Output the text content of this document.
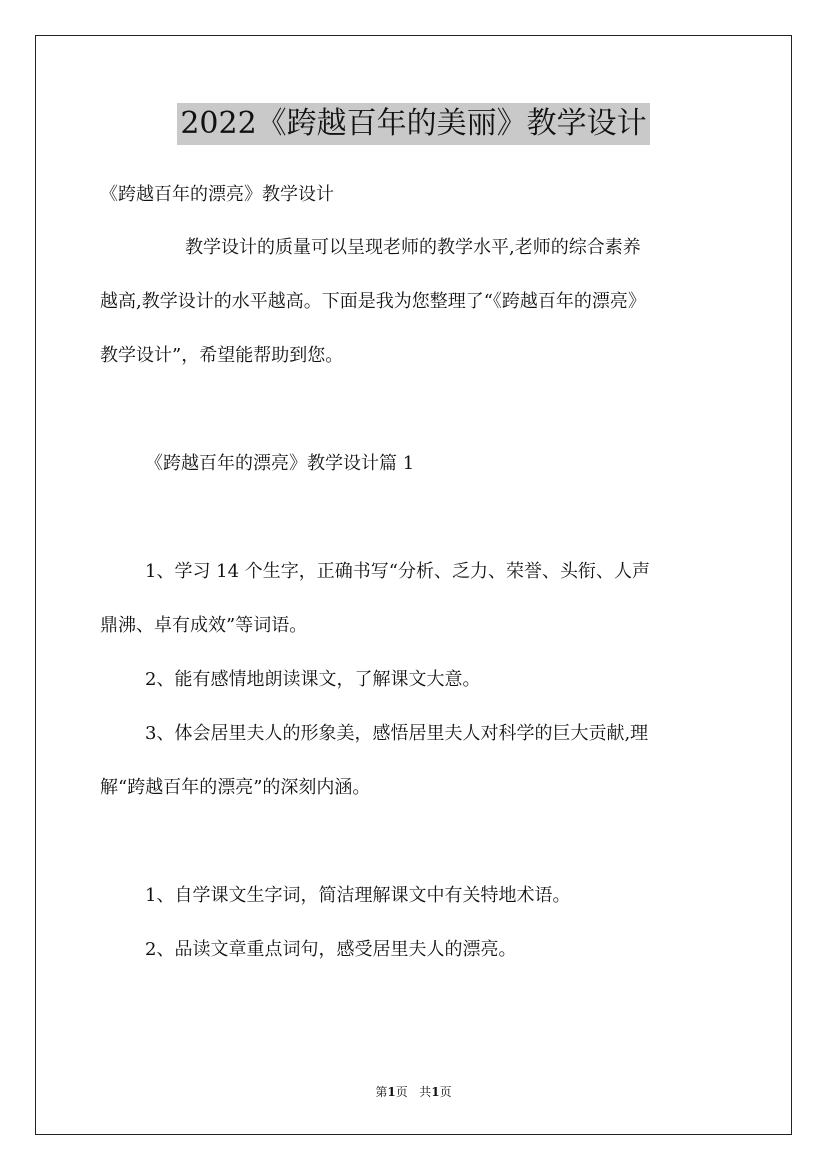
2022《跨越百年的美丽》教学设计
《跨越百年的漂亮》教学设计
教学设计的质量可以呈现老师的教学水平,老师的综合素养
越高,教学设计的水平越高。下面是我为您整理了“《跨越百年的漂亮》
教学设计”，希望能帮助到您。
《跨越百年的漂亮》教学设计篇 1
1、学习 14 个生字，正确书写“分析、乏力、荣誉、头衔、人声
鼎沸、卓有成效”等词语。
2、能有感情地朗读课文，了解课文大意。
3、体会居里夫人的形象美，感悟居里夫人对科学的巨大贡献,理
解“跨越百年的漂亮”的深刻内涵。
1、自学课文生字词，简洁理解课文中有关特地术语。
2、品读文章重点词句，感受居里夫人的漂亮。
第1页 共1页
